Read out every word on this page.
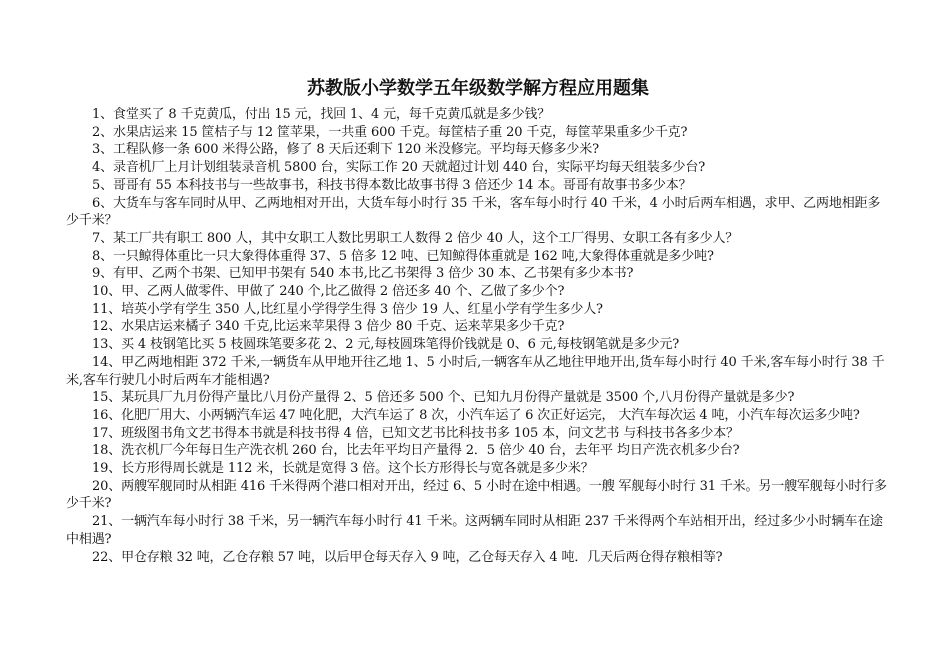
苏教版小学数学五年级数学解方程应用题集
1、食堂买了 8 千克黄瓜，付出 15 元，找回 1、4 元，每千克黄瓜就是多少钱？
2、水果店运来 15 筐桔子与 12 筐苹果，一共重 600 千克。每筐桔子重 20 千克，每筐苹果重多少千克?
3、工程队修一条 600 米得公路，修了 8 天后还剩下 120 米没修完。平均每天修多少米?
4、录音机厂上月计划组装录音机 5800 台，实际工作 20 天就超过计划 440 台，实际平均每天组装多少台?
5、哥哥有 55 本科技书与一些故事书，科技书得本数比故事书得 3 倍还少 14 本。哥哥有故事书多少本？
6、大货车与客车同时从甲、乙两地相对开出，大货车每小时行 35 千米，客车每小时行 40 千米，4 小时后两车相遇，求甲、乙两地相距多少千米？
7、某工厂共有职工 800 人，其中女职工人数比男职工人数得 2 倍少 40 人，这个工厂得男、女职工各有多少人？
8、一只鲸得体重比一只大象得体重得 37、5 倍多 12 吨、已知鲸得体重就是 162 吨,大象得体重就是多少吨?
9、有甲、乙两个书架、已知甲书架有 540 本书,比乙书架得 3 倍少 30 本、乙书架有多少本书?
10、甲、乙两人做零件、甲做了 240 个,比乙做得 2 倍还多 40 个、乙做了多少个?
11、培英小学有学生 350 人,比红星小学得学生得 3 倍少 19 人、红星小学有学生多少人?
12、水果店运来橘子 340 千克,比运来苹果得 3 倍少 80 千克、运来苹果多少千克?
13、买 4 枝钢笔比买 5 枝圆珠笔要多花 2、2 元,每枝圆珠笔得价钱就是 0、6 元,每枝钢笔就是多少元?
14、甲乙两地相距 372 千米,一辆货车从甲地开往乙地 1、5 小时后,一辆客车从乙地往甲地开出,货车每小时行 40 千米,客车每小时行 38 千米,客车行驶几小时后两车才能相遇?
15、某玩具厂九月份得产量比八月份产量得 2、5 倍还多 500 个、已知九月份得产量就是 3500 个,八月份得产量就是多少?
16、化肥厂用大、小两辆汽车运 47 吨化肥，大汽车运了 8 次，小汽车运了 6 次正好运完， 大汽车每次运 4 吨，小汽车每次运多少吨?
17、班级图书角文艺书得本书就是科技书得 4 倍，已知文艺书比科技书多 105 本，问文艺书 与科技书各多少本？
18、洗衣机厂今年每日生产洗衣机 260 台，比去年平均日产量得 2．5 倍少 40 台，去年平 均日产洗衣机多少台?
19、长方形得周长就是 112 米，长就是宽得 3 倍。这个长方形得长与宽各就是多少米？
20、两艘军舰同时从相距 416 千米得两个港口相对开出，经过 6、5 小时在途中相遇。一艘 军舰每小时行 31 千米。另一艘军舰每小时行多少千米?
21、一辆汽车每小时行 38 千米，另一辆汽车每小时行 41 千米。这两辆车同时从相距 237 千米得两个车站相开出，经过多少小时辆车在途中相遇?
22、甲仓存粮 32 吨，乙仓存粮 57 吨，以后甲仓每天存入 9 吨，乙仓每天存入 4 吨．几天后两仓得存粮相等?
